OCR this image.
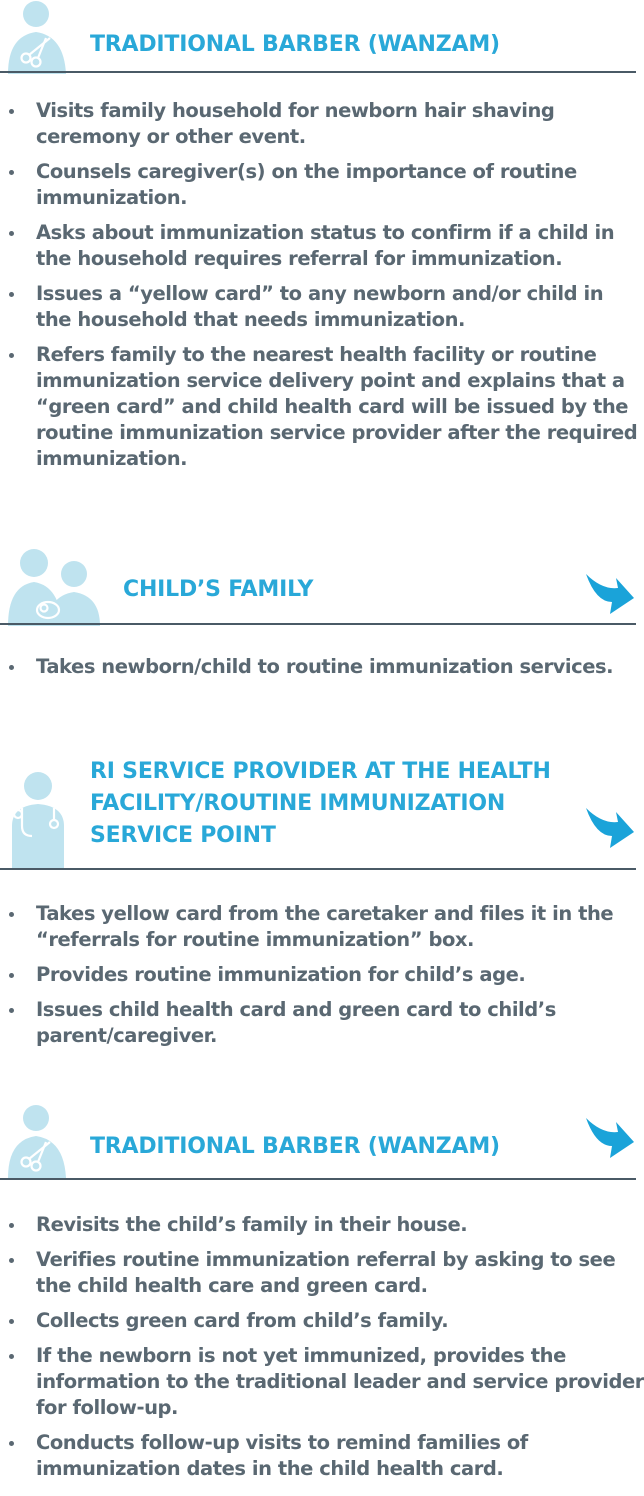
TRADITIONAL BARBER (WANZAM)
Visits family household for newborn hair shaving ceremony or other event.
Counsels caregiver(s) on the importance of routine immunization.
Asks about immunization status to confirm if a child in the household requires referral for immunization.
Issues a “yellow card” to any newborn and/or child in the household that needs immunization.
Refers family to the nearest health facility or routine immunization service delivery point and explains that a “green card” and child health card will be issued by the routine immunization service provider after the required immunization.
CHILD’S FAMILY
Takes newborn/child to routine immunization services.
RI SERVICE PROVIDER AT THE HEALTH
FACILITY/ROUTINE IMMUNIZATION
SERVICE POINT
Takes yellow card from the caretaker and files it in the “referrals for routine immunization” box.
Provides routine immunization for child’s age.
Issues child health card and green card to child’s parent/caregiver.
TRADITIONAL BARBER (WANZAM)
Revisits the child’s family in their house.
Verifies routine immunization referral by asking to see the child health care and green card.
Collects green card from child’s family.
If the newborn is not yet immunized, provides the information to the traditional leader and service provider for follow-up.
Conducts follow-up visits to remind families of immunization dates in the child health card.
